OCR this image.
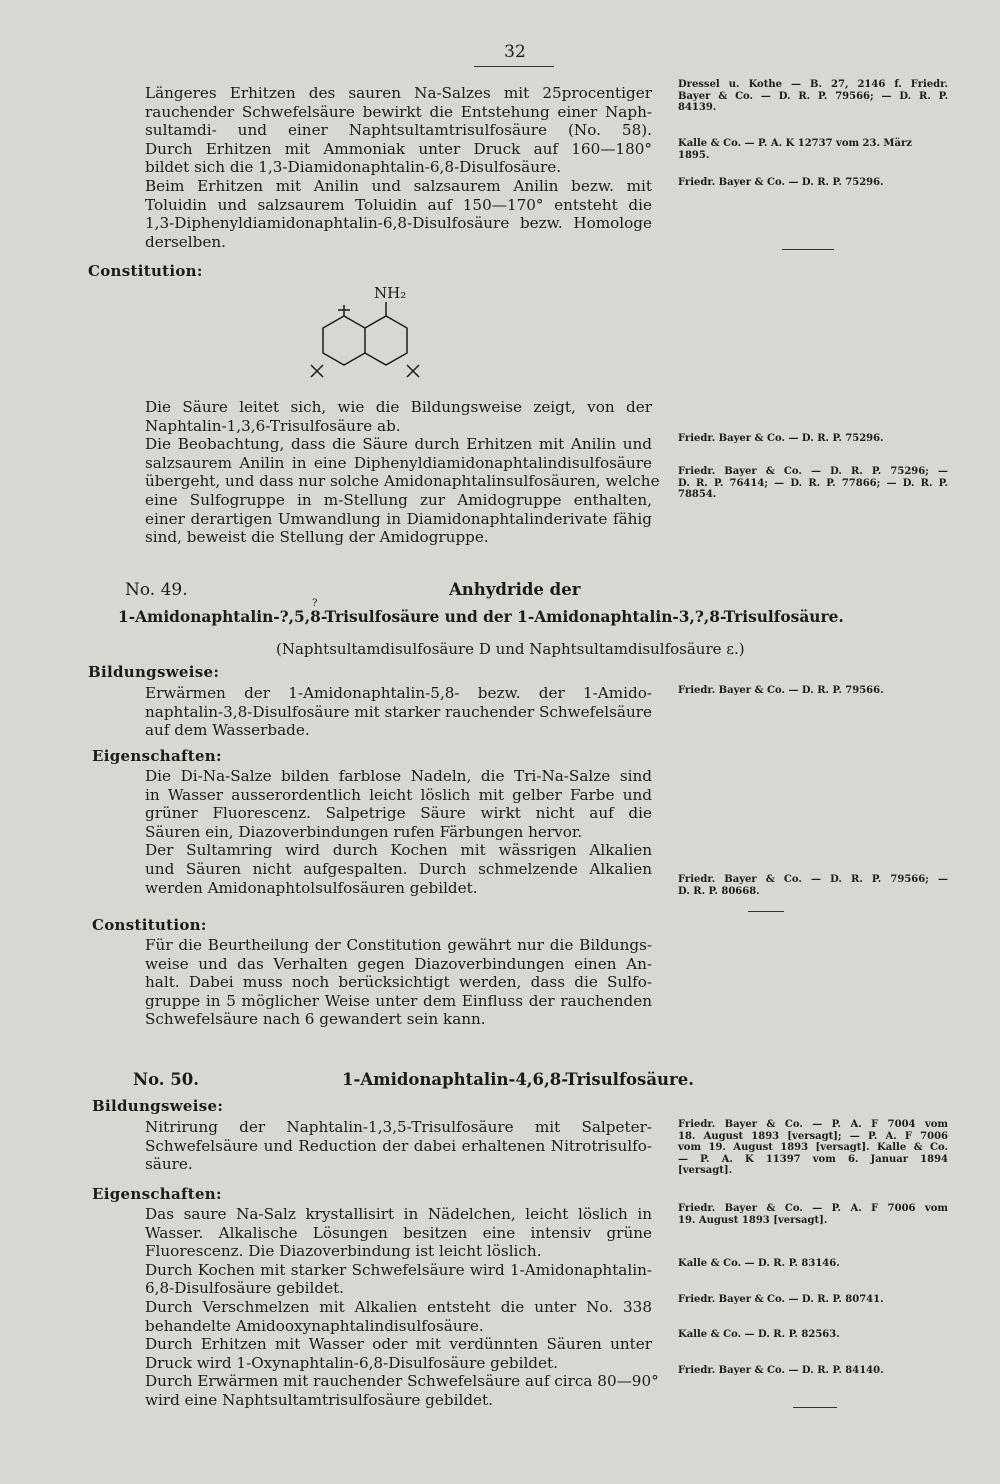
32
Längeres Erhitzen des sauren Na-Salzes mit 25procentiger
rauchender Schwefelsäure bewirkt die Entstehung einer Naph-
sultamdi- und einer Naphtsultamtrisulfosäure (No. 58).
Durch Erhitzen mit Ammoniak unter Druck auf 160—180°
bildet sich die 1,3-Diamidonaphtalin-6,8-Disulfosäure.
Beim Erhitzen mit Anilin und salzsaurem Anilin bezw. mit
Toluidin und salzsaurem Toluidin auf 150—170° entsteht die
1,3-Diphenyldiamidonaphtalin-6,8-Disulfosäure bezw. Homologe
derselben.
Dressel u. Kothe — B. 27, 2146 f. Friedr.
Bayer & Co. — D. R. P. 79566; — D. R. P.
84139.
Kalle & Co. — P. A. K 12737 vom 23. März
1895.
Friedr. Bayer & Co. — D. R. P. 75296.
Constitution:
NH₂
Die Säure leitet sich, wie die Bildungsweise zeigt, von der
Naphtalin-1,3,6-Trisulfosäure ab.
Die Beobachtung, dass die Säure durch Erhitzen mit Anilin und
salzsaurem Anilin in eine Diphenyldiamidonaphtalindisulfosäure
übergeht, und dass nur solche Amidonaphtalinsulfosäuren, welche
eine Sulfogruppe in m-Stellung zur Amidogruppe enthalten,
einer derartigen Umwandlung in Diamidonaphtalinderivate fähig
sind, beweist die Stellung der Amidogruppe.
Friedr. Bayer & Co. — D. R. P. 75296.
Friedr. Bayer & Co. — D. R. P. 75296; —
D. R. P. 76414; — D. R. P. 77866; — D. R. P.
78854.
No. 49.	Anhydride der
?
1-Amidonaphtalin-?,5,8-Trisulfosäure und der 1-Amidonaphtalin-3,?,8-Trisulfosäure.
(Naphtsultamdisulfosäure D und Naphtsultamdisulfosäure ε.)
Bildungsweise:
Erwärmen der 1-Amidonaphtalin-5,8- bezw. der 1-Amido-
naphtalin-3,8-Disulfosäure mit starker rauchender Schwefelsäure
auf dem Wasserbade.
Friedr. Bayer & Co. — D. R. P. 79566.
Eigenschaften:
Die Di-Na-Salze bilden farblose Nadeln, die Tri-Na-Salze sind
in Wasser ausserordentlich leicht löslich mit gelber Farbe und
grüner Fluorescenz. Salpetrige Säure wirkt nicht auf die
Säuren ein, Diazoverbindungen rufen Färbungen hervor.
Der Sultamring wird durch Kochen mit wässrigen Alkalien
und Säuren nicht aufgespalten. Durch schmelzende Alkalien
werden Amidonaphtolsulfosäuren gebildet.	Friedr. Bayer & Co. — D. R. P. 79566; —
D. R. P. 80668.
Constitution:
Für die Beurtheilung der Constitution gewährt nur die Bildungs-
weise und das Verhalten gegen Diazoverbindungen einen An-
halt. Dabei muss noch berücksichtigt werden, dass die Sulfo-
gruppe in 5 möglicher Weise unter dem Einfluss der rauchenden
Schwefelsäure nach 6 gewandert sein kann.
No. 50.	1-Amidonaphtalin-4,6,8-Trisulfosäure.
Bildungsweise:
Nitrirung der Naphtalin-1,3,5-Trisulfosäure mit Salpeter-
Schwefelsäure und Reduction der dabei erhaltenen Nitrotrisulfo-
säure.
Friedr. Bayer & Co. — P. A. F 7004 vom
18. August 1893 [versagt]; — P. A. F 7006
vom 19. August 1893 [versagt]. Kalle & Co.
— P. A. K 11397 vom 6. Januar 1894
[versagt].
Eigenschaften:
Das saure Na-Salz krystallisirt in Nädelchen, leicht löslich in
Wasser. Alkalische Lösungen besitzen eine intensiv grüne
Fluorescenz. Die Diazoverbindung ist leicht löslich.
Durch Kochen mit starker Schwefelsäure wird 1-Amidonaphtalin-
6,8-Disulfosäure gebildet.
Durch Verschmelzen mit Alkalien entsteht die unter No. 338
behandelte Amidooxynaphtalindisulfosäure.
Durch Erhitzen mit Wasser oder mit verdünnten Säuren unter
Druck wird 1-Oxynaphtalin-6,8-Disulfosäure gebildet.
Durch Erwärmen mit rauchender Schwefelsäure auf circa 80—90°
wird eine Naphtsultamtrisulfosäure gebildet.
Friedr. Bayer & Co. — P. A. F 7006 vom
19. August 1893 [versagt].
Kalle & Co. — D. R. P. 83146.
Friedr. Bayer & Co. — D. R. P. 80741.
Kalle & Co. — D. R. P. 82563.
Friedr. Bayer & Co. — D. R. P. 84140.
